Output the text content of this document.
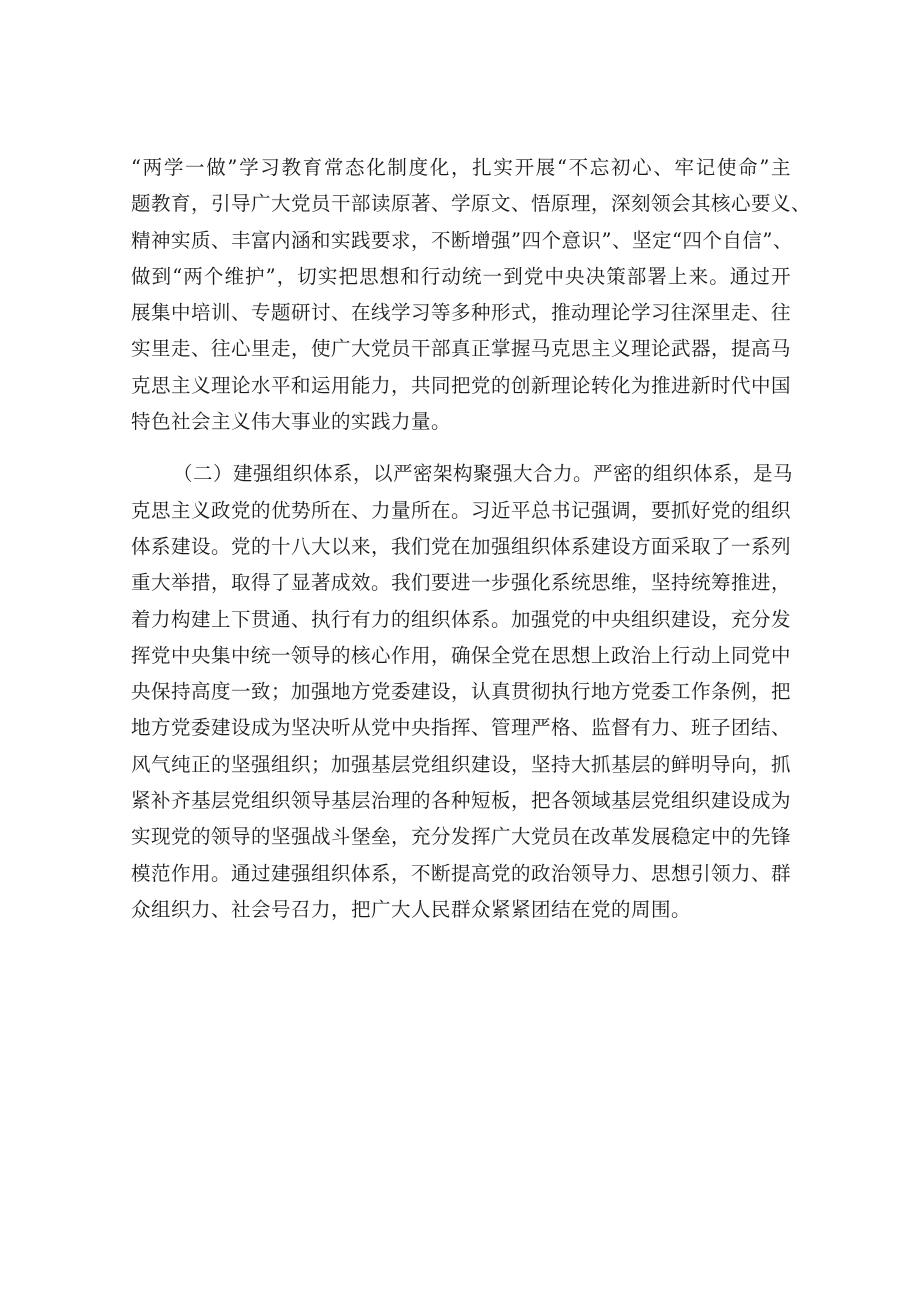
“两学一做”学习教育常态化制度化，扎实开展“不忘初心、牢记使命”主
题教育，引导广大党员干部读原著、学原文、悟原理，深刻领会其核心要义、
精神实质、丰富内涵和实践要求，不断增强”四个意识”、坚定“四个自信”、
做到“两个维护”，切实把思想和行动统一到党中央决策部署上来。通过开
展集中培训、专题研讨、在线学习等多种形式，推动理论学习往深里走、往
实里走、往心里走，使广大党员干部真正掌握马克思主义理论武器，提高马
克思主义理论水平和运用能力，共同把党的创新理论转化为推进新时代中国
特色社会主义伟大事业的实践力量。
（二）建强组织体系，以严密架构聚强大合力。严密的组织体系，是马
克思主义政党的优势所在、力量所在。习近平总书记强调，要抓好党的组织
体系建设。党的十八大以来，我们党在加强组织体系建设方面采取了一系列
重大举措，取得了显著成效。我们要进一步强化系统思维，坚持统筹推进，
着力构建上下贯通、执行有力的组织体系。加强党的中央组织建设，充分发
挥党中央集中统一领导的核心作用，确保全党在思想上政治上行动上同党中
央保持高度一致；加强地方党委建设，认真贯彻执行地方党委工作条例，把
地方党委建设成为坚决听从党中央指挥、管理严格、监督有力、班子团结、
风气纯正的坚强组织；加强基层党组织建设，坚持大抓基层的鲜明导向，抓
紧补齐基层党组织领导基层治理的各种短板，把各领域基层党组织建设成为
实现党的领导的坚强战斗堡垒，充分发挥广大党员在改革发展稳定中的先锋
模范作用。通过建强组织体系，不断提高党的政治领导力、思想引领力、群
众组织力、社会号召力，把广大人民群众紧紧团结在党的周围。
